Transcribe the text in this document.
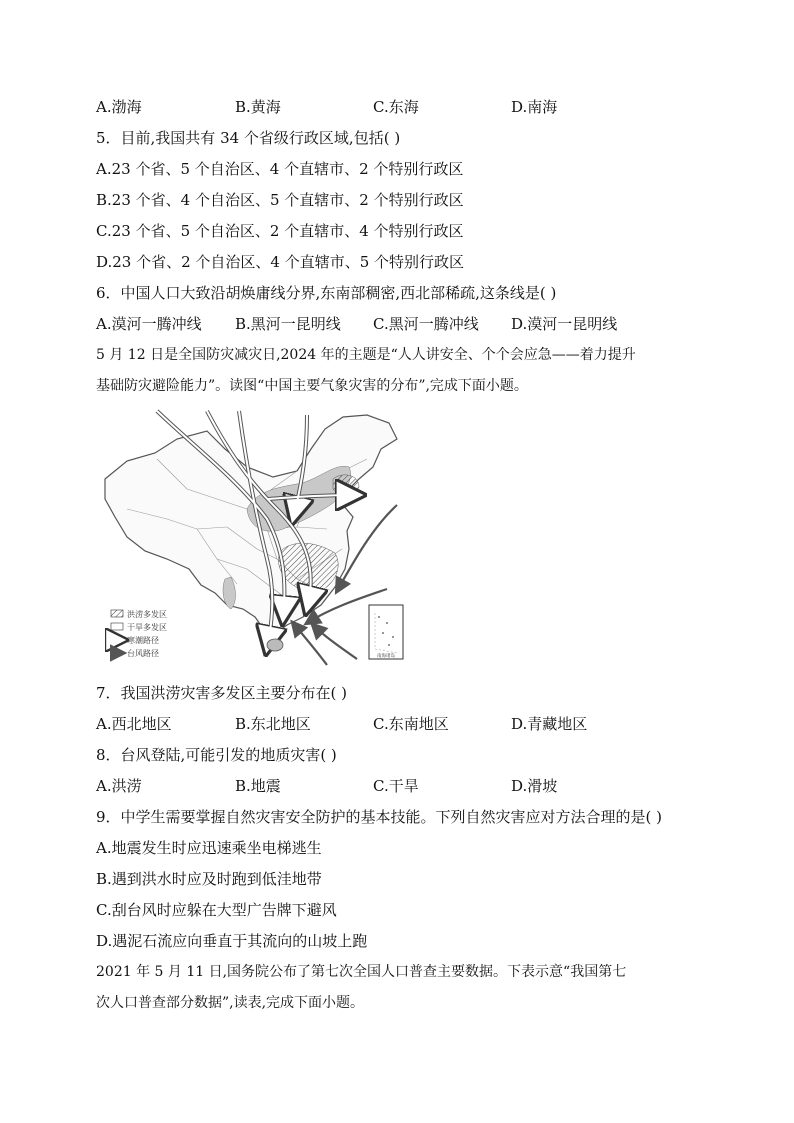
A.渤海	B.黄海	C.东海	D.南海
5．目前,我国共有 34 个省级行政区域,包括( )
A.23 个省、5 个自治区、4 个直辖市、2 个特别行政区
B.23 个省、4 个自治区、5 个直辖市、2 个特别行政区
C.23 个省、5 个自治区、2 个直辖市、4 个特别行政区
D.23 个省、2 个自治区、4 个直辖市、5 个特别行政区
6．中国人口大致沿胡焕庸线分界,东南部稠密,西北部稀疏,这条线是( )
A.漠河一腾冲线 B.黑河一昆明线 C.黑河一腾冲线 D.漠河一昆明线
5 月 12 日是全国防灾减灾日,2024 年的主题是“人人讲安全、个个会应急——着力提升
基础防灾避险能力”。读图“中国主要气象灾害的分布”,完成下面小题。
南海诸岛
洪涝多发区
干旱多发区
寒潮路径
台风路径
7．我国洪涝灾害多发区主要分布在( )
A.西北地区	B.东北地区	C.东南地区	D.青藏地区
8．台风登陆,可能引发的地质灾害( )
A.洪涝	B.地震	C.干旱	D.滑坡
9．中学生需要掌握自然灾害安全防护的基本技能。下列自然灾害应对方法合理的是( )
A.地震发生时应迅速乘坐电梯逃生
B.遇到洪水时应及时跑到低洼地带
C.刮台风时应躲在大型广告牌下避风
D.遇泥石流应向垂直于其流向的山坡上跑
2021 年 5 月 11 日,国务院公布了第七次全国人口普查主要数据。下表示意“我国第七
次人口普查部分数据”,读表,完成下面小题。
